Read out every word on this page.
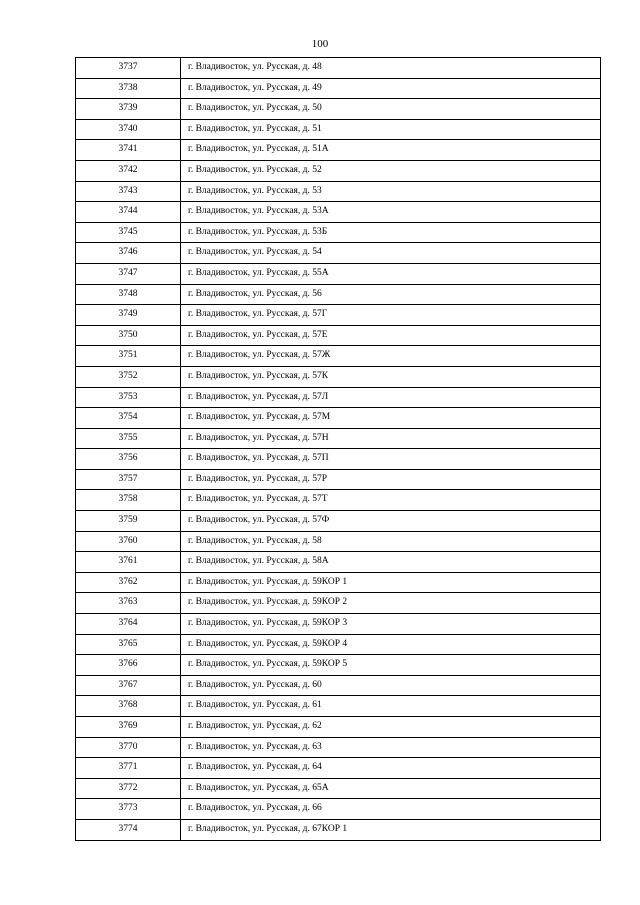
100
3737	г. Владивосток, ул. Русская, д. 48
3738	г. Владивосток, ул. Русская, д. 49
3739	г. Владивосток, ул. Русская, д. 50
3740	г. Владивосток, ул. Русская, д. 51
3741	г. Владивосток, ул. Русская, д. 51А
3742	г. Владивосток, ул. Русская, д. 52
3743	г. Владивосток, ул. Русская, д. 53
3744	г. Владивосток, ул. Русская, д. 53А
3745	г. Владивосток, ул. Русская, д. 53Б
3746	г. Владивосток, ул. Русская, д. 54
3747	г. Владивосток, ул. Русская, д. 55А
3748	г. Владивосток, ул. Русская, д. 56
3749	г. Владивосток, ул. Русская, д. 57Г
3750	г. Владивосток, ул. Русская, д. 57Е
3751	г. Владивосток, ул. Русская, д. 57Ж
3752	г. Владивосток, ул. Русская, д. 57К
3753	г. Владивосток, ул. Русская, д. 57Л
3754	г. Владивосток, ул. Русская, д. 57М
3755	г. Владивосток, ул. Русская, д. 57Н
3756	г. Владивосток, ул. Русская, д. 57П
3757	г. Владивосток, ул. Русская, д. 57Р
3758	г. Владивосток, ул. Русская, д. 57Т
3759	г. Владивосток, ул. Русская, д. 57Ф
3760	г. Владивосток, ул. Русская, д. 58
3761	г. Владивосток, ул. Русская, д. 58А
3762	г. Владивосток, ул. Русская, д. 59КОР 1
3763	г. Владивосток, ул. Русская, д. 59КОР 2
3764	г. Владивосток, ул. Русская, д. 59КОР 3
3765	г. Владивосток, ул. Русская, д. 59КОР 4
3766	г. Владивосток, ул. Русская, д. 59КОР 5
3767	г. Владивосток, ул. Русская, д. 60
3768	г. Владивосток, ул. Русская, д. 61
3769	г. Владивосток, ул. Русская, д. 62
3770	г. Владивосток, ул. Русская, д. 63
3771	г. Владивосток, ул. Русская, д. 64
3772	г. Владивосток, ул. Русская, д. 65А
3773	г. Владивосток, ул. Русская, д. 66
3774	г. Владивосток, ул. Русская, д. 67КОР 1
